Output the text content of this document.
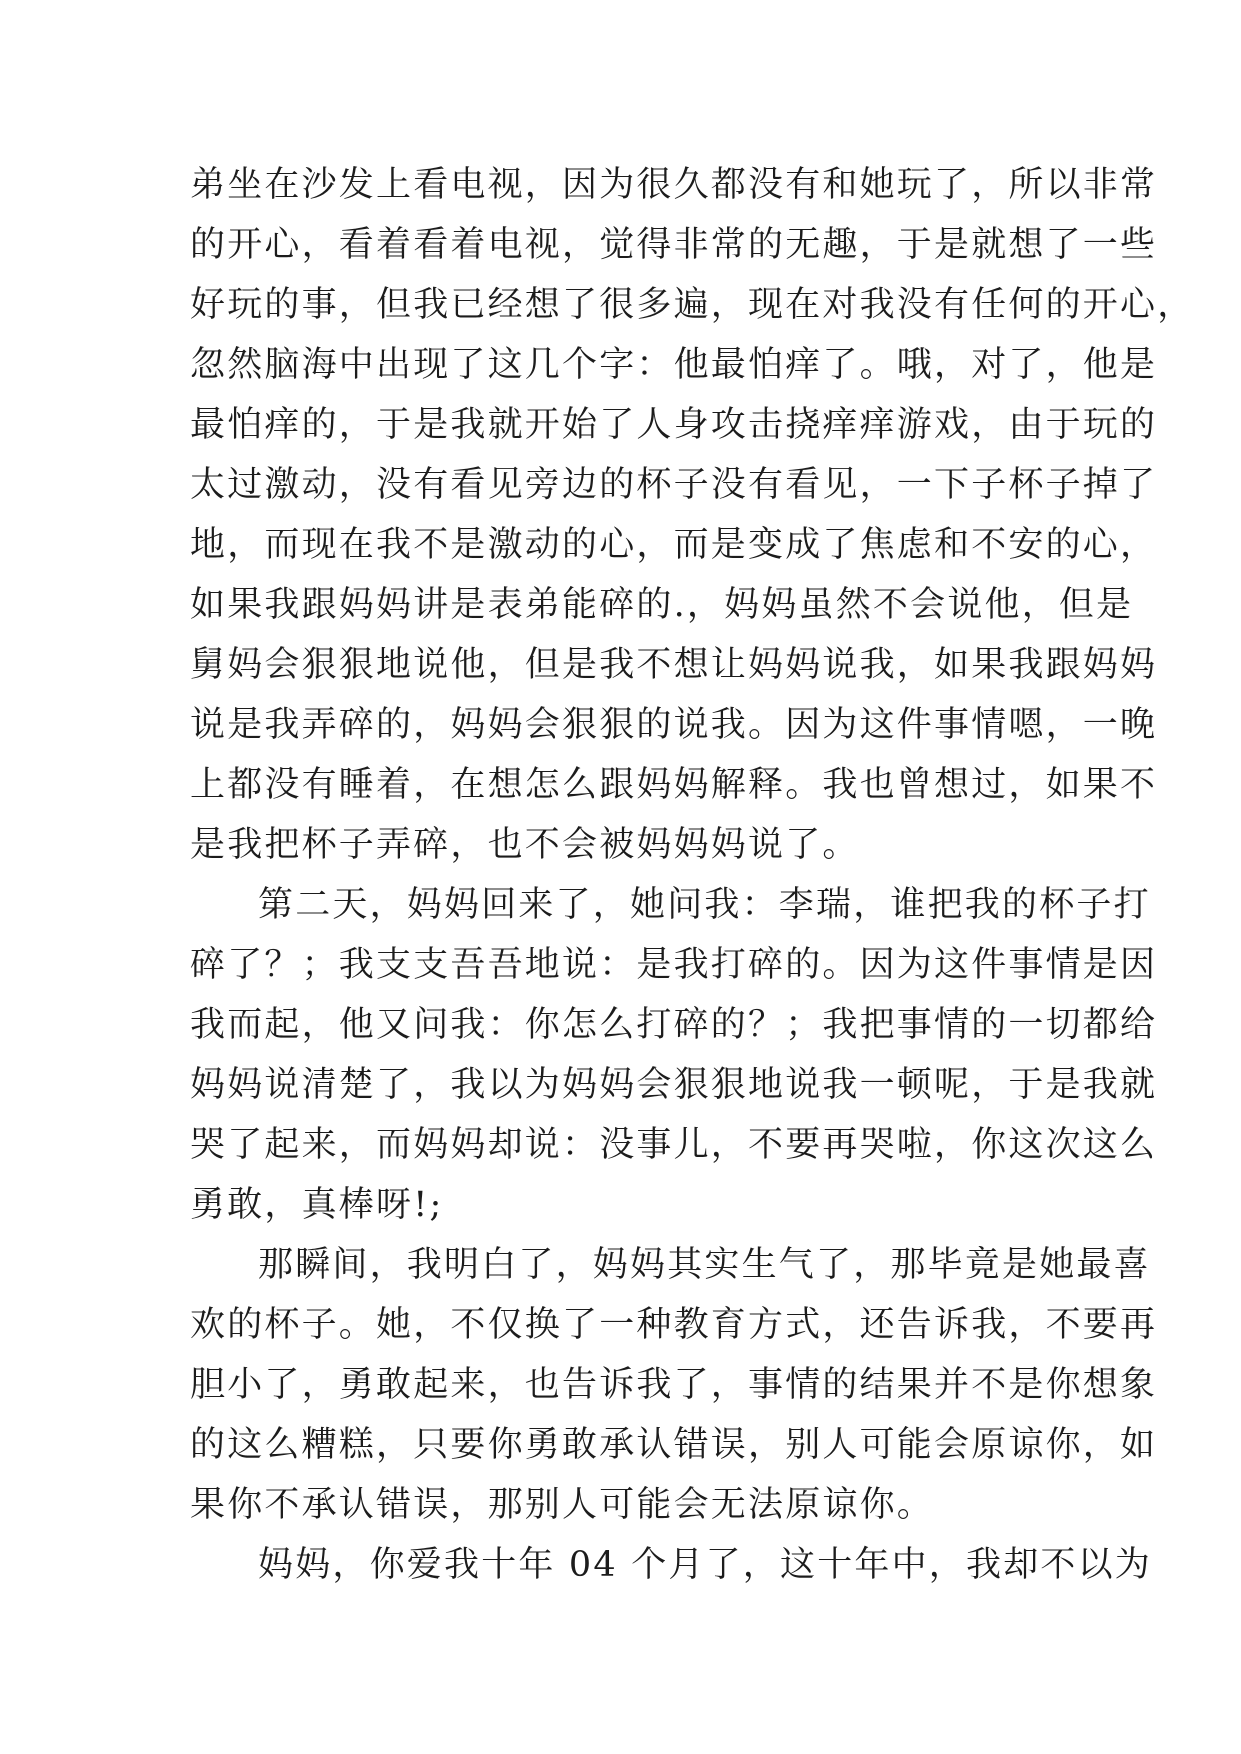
弟坐在沙发上看电视，因为很久都没有和她玩了，所以非常
的开心，看着看着电视，觉得非常的无趣，于是就想了一些
好玩的事，但我已经想了很多遍，现在对我没有任何的开心，
忽然脑海中出现了这几个字：他最怕痒了。哦，对了，他是
最怕痒的，于是我就开始了人身攻击挠痒痒游戏，由于玩的
太过激动，没有看见旁边的杯子没有看见，一下子杯子掉了
地，而现在我不是激动的心，而是变成了焦虑和不安的心，
如果我跟妈妈讲是表弟能碎的.，妈妈虽然不会说他，但是
舅妈会狠狠地说他，但是我不想让妈妈说我，如果我跟妈妈
说是我弄碎的，妈妈会狠狠的说我。因为这件事情嗯，一晚
上都没有睡着，在想怎么跟妈妈解释。我也曾想过，如果不
是我把杯子弄碎，也不会被妈妈妈说了。
第二天，妈妈回来了，她问我：李瑞，谁把我的杯子打
碎了？；我支支吾吾地说：是我打碎的。因为这件事情是因
我而起，他又问我：你怎么打碎的？；我把事情的一切都给
妈妈说清楚了，我以为妈妈会狠狠地说我一顿呢，于是我就
哭了起来，而妈妈却说：没事儿，不要再哭啦，你这次这么
勇敢，真棒呀!;
那瞬间，我明白了，妈妈其实生气了，那毕竟是她最喜
欢的杯子。她，不仅换了一种教育方式，还告诉我，不要再
胆小了，勇敢起来，也告诉我了，事情的结果并不是你想象
的这么糟糕，只要你勇敢承认错误，别人可能会原谅你，如
果你不承认错误，那别人可能会无法原谅你。
妈妈，你爱我十年 04 个月了，这十年中，我却不以为
